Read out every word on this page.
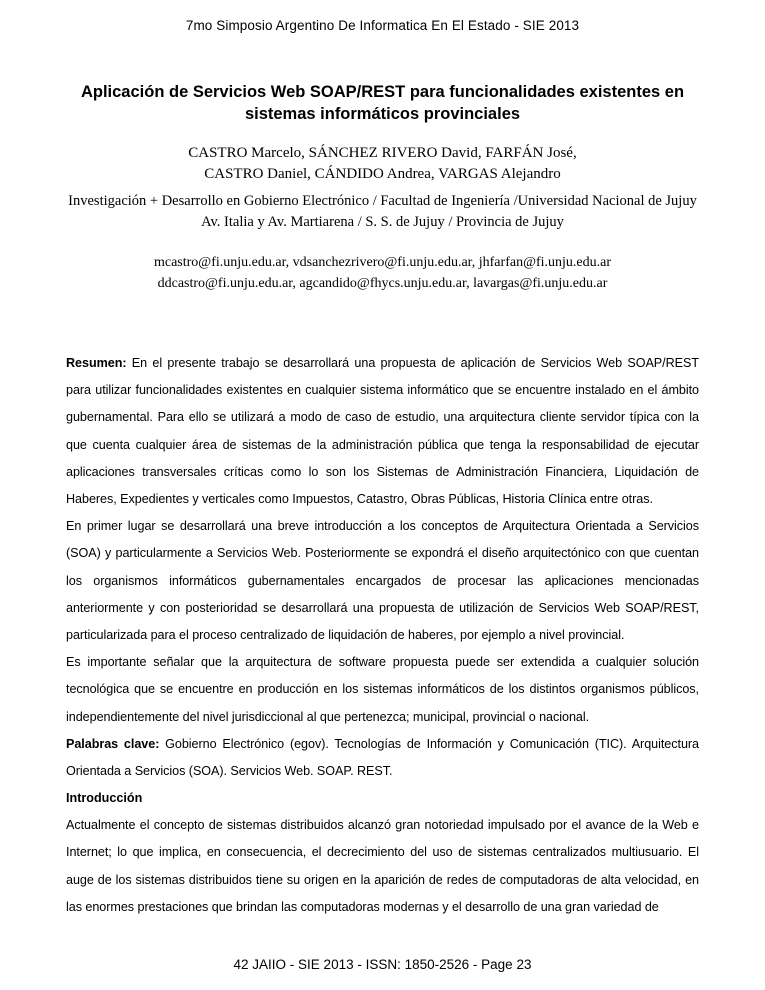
7mo Simposio Argentino De Informatica En El Estado - SIE 2013
Aplicación de Servicios Web SOAP/REST para funcionalidades existentes en sistemas informáticos provinciales
CASTRO Marcelo, SÁNCHEZ RIVERO David, FARFÁN José,
CASTRO Daniel, CÁNDIDO Andrea, VARGAS Alejandro
Investigación + Desarrollo en Gobierno Electrónico / Facultad de Ingeniería /Universidad Nacional de Jujuy
Av. Italia y Av. Martiarena / S. S. de Jujuy / Provincia de Jujuy
mcastro@fi.unju.edu.ar, vdsanchezrivero@fi.unju.edu.ar, jhfarfan@fi.unju.edu.ar
ddcastro@fi.unju.edu.ar, agcandido@fhycs.unju.edu.ar, lavargas@fi.unju.edu.ar

Resumen: En el presente trabajo se desarrollará una propuesta de aplicación de Servicios Web SOAP/REST para utilizar funcionalidades existentes en cualquier sistema informático que se encuentre instalado en el ámbito gubernamental. Para ello se utilizará a modo de caso de estudio, una arquitectura cliente servidor típica con la que cuenta cualquier área de sistemas de la administración pública que tenga la responsabilidad de ejecutar aplicaciones transversales críticas como lo son los Sistemas de Administración Financiera, Liquidación de Haberes, Expedientes y verticales como Impuestos, Catastro, Obras Públicas, Historia Clínica entre otras.

En primer lugar se desarrollará una breve introducción a los conceptos de Arquitectura Orientada a Servicios (SOA) y particularmente a Servicios Web. Posteriormente se expondrá el diseño arquitectónico con que cuentan los organismos informáticos gubernamentales encargados de procesar las aplicaciones mencionadas anteriormente y con posterioridad se desarrollará una propuesta de utilización de Servicios Web SOAP/REST, particularizada para el proceso centralizado de liquidación de haberes, por ejemplo a nivel provincial.

Es importante señalar que la arquitectura de software propuesta puede ser extendida a cualquier solución tecnológica que se encuentre en producción en los sistemas informáticos de los distintos organismos públicos, independientemente del nivel jurisdiccional al que pertenezca; municipal, provincial o nacional.

Palabras clave: Gobierno Electrónico (egov). Tecnologías de Información y Comunicación (TIC). Arquitectura Orientada a Servicios (SOA). Servicios Web. SOAP. REST.

Introducción

Actualmente el concepto de sistemas distribuidos alcanzó gran notoriedad impulsado por el avance de la Web e Internet; lo que implica, en consecuencia, el decrecimiento del uso de sistemas centralizados multiusuario. El auge de los sistemas distribuidos tiene su origen en la aparición de redes de computadoras de alta velocidad, en las enormes prestaciones que brindan las computadoras modernas y el desarrollo de una gran variedad de

42 JAIIO - SIE 2013 - ISSN: 1850-2526 - Page 23
